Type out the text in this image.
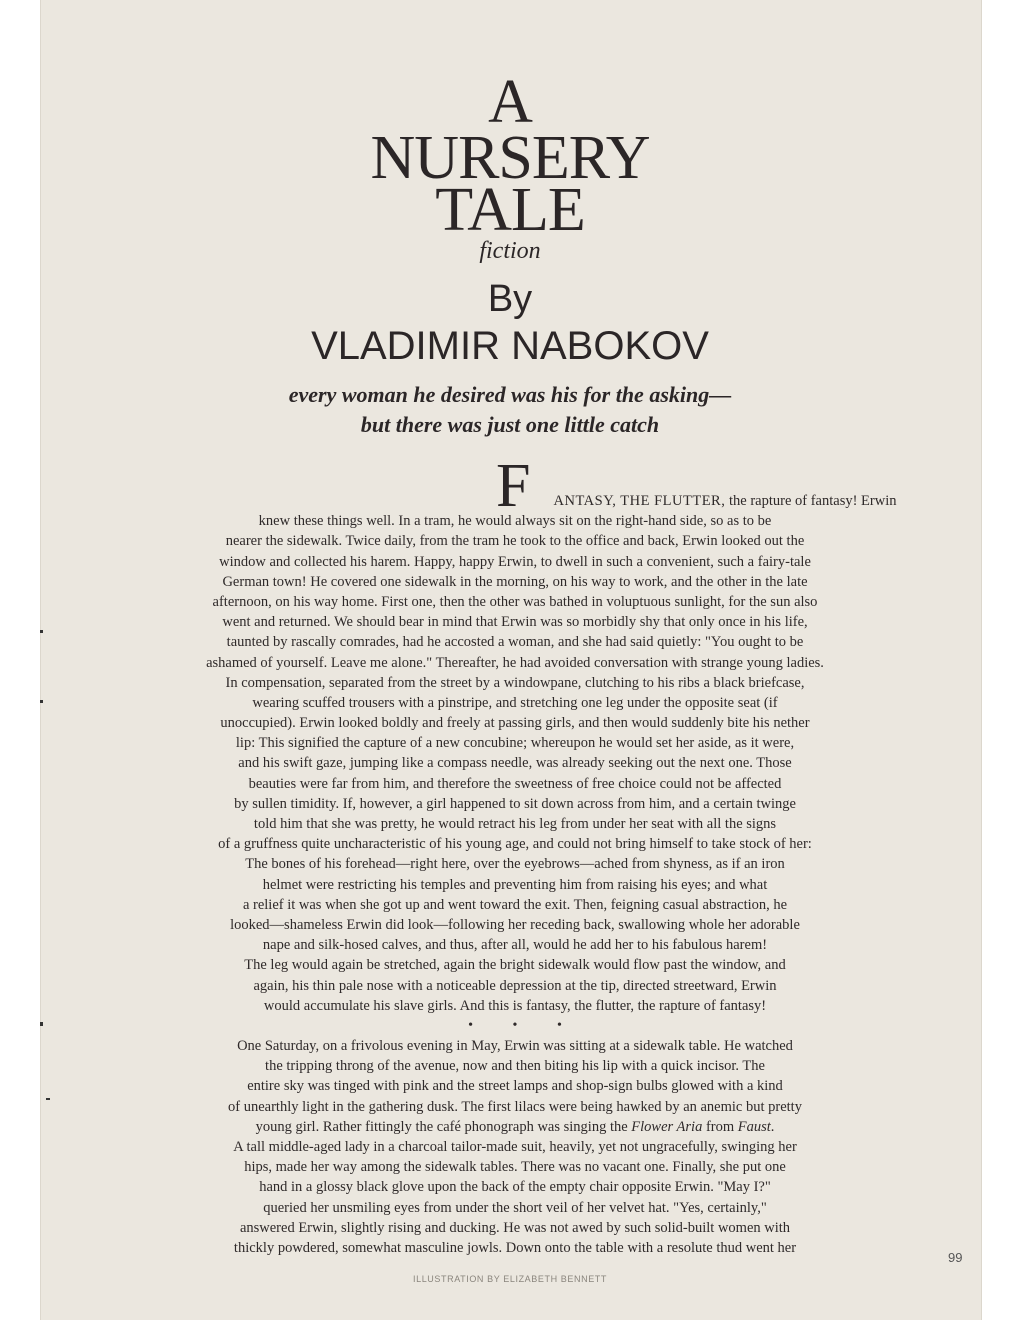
A
NURSERY
TALE
fiction
By
VLADIMIR NABOKOV
every woman he desired was his for the asking—
but there was just one little catch
F	ANTASY, THE FLUTTER, the rapture of fantasy! Erwin
knew these things well. In a tram, he would always sit on the right-hand side, so as to be
nearer the sidewalk. Twice daily, from the tram he took to the office and back, Erwin looked out the
window and collected his harem. Happy, happy Erwin, to dwell in such a convenient, such a fairy-tale
German town! He covered one sidewalk in the morning, on his way to work, and the other in the late
afternoon, on his way home. First one, then the other was bathed in voluptuous sunlight, for the sun also
went and returned. We should bear in mind that Erwin was so morbidly shy that only once in his life,
taunted by rascally comrades, had he accosted a woman, and she had said quietly: "You ought to be
ashamed of yourself. Leave me alone." Thereafter, he had avoided conversation with strange young ladies.
In compensation, separated from the street by a windowpane, clutching to his ribs a black briefcase,
wearing scuffed trousers with a pinstripe, and stretching one leg under the opposite seat (if
unoccupied). Erwin looked boldly and freely at passing girls, and then would suddenly bite his nether
lip: This signified the capture of a new concubine; whereupon he would set her aside, as it were,
and his swift gaze, jumping like a compass needle, was already seeking out the next one. Those
beauties were far from him, and therefore the sweetness of free choice could not be affected
by sullen timidity. If, however, a girl happened to sit down across from him, and a certain twinge
told him that she was pretty, he would retract his leg from under her seat with all the signs
of a gruffness quite uncharacteristic of his young age, and could not bring himself to take stock of her:
The bones of his forehead—right here, over the eyebrows—ached from shyness, as if an iron
helmet were restricting his temples and preventing him from raising his eyes; and what
a relief it was when she got up and went toward the exit. Then, feigning casual abstraction, he
looked—shameless Erwin did look—following her receding back, swallowing whole her adorable
nape and silk-hosed calves, and thus, after all, would he add her to his fabulous harem!
The leg would again be stretched, again the bright sidewalk would flow past the window, and
again, his thin pale nose with a noticeable depression at the tip, directed streetward, Erwin
would accumulate his slave girls. And this is fantasy, the flutter, the rapture of fantasy!
• • •
One Saturday, on a frivolous evening in May, Erwin was sitting at a sidewalk table. He watched
the tripping throng of the avenue, now and then biting his lip with a quick incisor. The
entire sky was tinged with pink and the street lamps and shop-sign bulbs glowed with a kind
of unearthly light in the gathering dusk. The first lilacs were being hawked by an anemic but pretty
young girl. Rather fittingly the café phonograph was singing the Flower Aria from Faust.
A tall middle-aged lady in a charcoal tailor-made suit, heavily, yet not ungracefully, swinging her
hips, made her way among the sidewalk tables. There was no vacant one. Finally, she put one
hand in a glossy black glove upon the back of the empty chair opposite Erwin. "May I?"
queried her unsmiling eyes from under the short veil of her velvet hat. "Yes, certainly,"
answered Erwin, slightly rising and ducking. He was not awed by such solid-built women with
thickly powdered, somewhat masculine jowls. Down onto the table with a resolute thud went her
99
ILLUSTRATION BY ELIZABETH BENNETT
